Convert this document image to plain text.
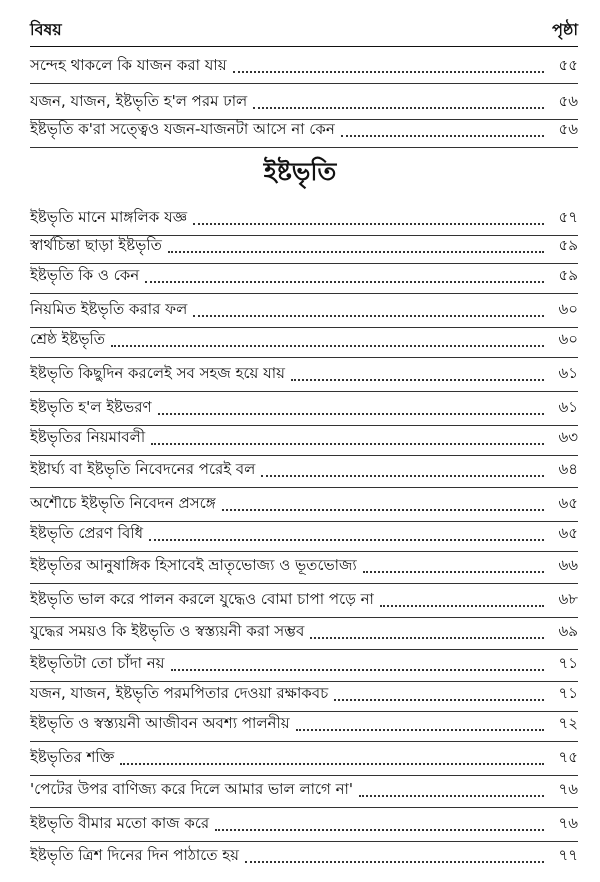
বিষয়	পৃষ্ঠা
সন্দেহ থাকলে কি যাজন করা যায়	৫৫
যজন, যাজন, ইষ্টভৃতি হ'ল পরম ঢাল	৫৬
ইষ্টভৃতি ক'রা সত্ত্বেও যজন-যাজনটা আসে না কেন	৫৬
ইষ্টভৃতি
ইষ্টভৃতি মানে মাঙ্গলিক যজ্ঞ	৫৭
স্বার্থচিন্তা ছাড়া ইষ্টভৃতি	৫৯
ইষ্টভৃতি কি ও কেন	৫৯
নিয়মিত ইষ্টভৃতি করার ফল	৬০
শ্রেষ্ঠ ইষ্টভৃতি	৬০
ইষ্টভৃতি কিছুদিন করলেই সব সহজ হয়ে যায়	৬১
ইষ্টভৃতি হ'ল ইষ্টভরণ	৬১
ইষ্টভৃতির নিয়মাবলী	৬৩
ইষ্টার্ঘ্য বা ইষ্টভৃতি নিবেদনের পরেই বল	৬৪
অশৌচে ইষ্টভৃতি নিবেদন প্রসঙ্গে	৬৫
ইষ্টভৃতি প্রেরণ বিধি	৬৫
ইষ্টভৃতির আনুষাঙ্গিক হিসাবেই ভ্রাতৃভোজ্য ও ভূতভোজ্য	৬৬
ইষ্টভৃতি ভাল করে পালন করলে যুদ্ধেও বোমা চাপা পড়ে না	৬৮
যুদ্ধের সময়ও কি ইষ্টভৃতি ও স্বস্ত্যয়নী করা সম্ভব	৬৯
ইষ্টভৃতিটা তো চাঁদা নয়	৭১
যজন, যাজন, ইষ্টভৃতি পরমপিতার দেওয়া রক্ষাকবচ	৭১
ইষ্টভৃতি ও স্বস্ত্যয়নী আজীবন অবশ্য পালনীয়	৭২
ইষ্টভৃতির শক্তি	৭৫
'পেটের উপর বাণিজ্য করে দিলে আমার ভাল লাগে না'	৭৬
ইষ্টভৃতি বীমার মতো কাজ করে	৭৬
ইষ্টভৃতি ত্রিশ দিনের দিন পাঠাতে হয়	৭৭
